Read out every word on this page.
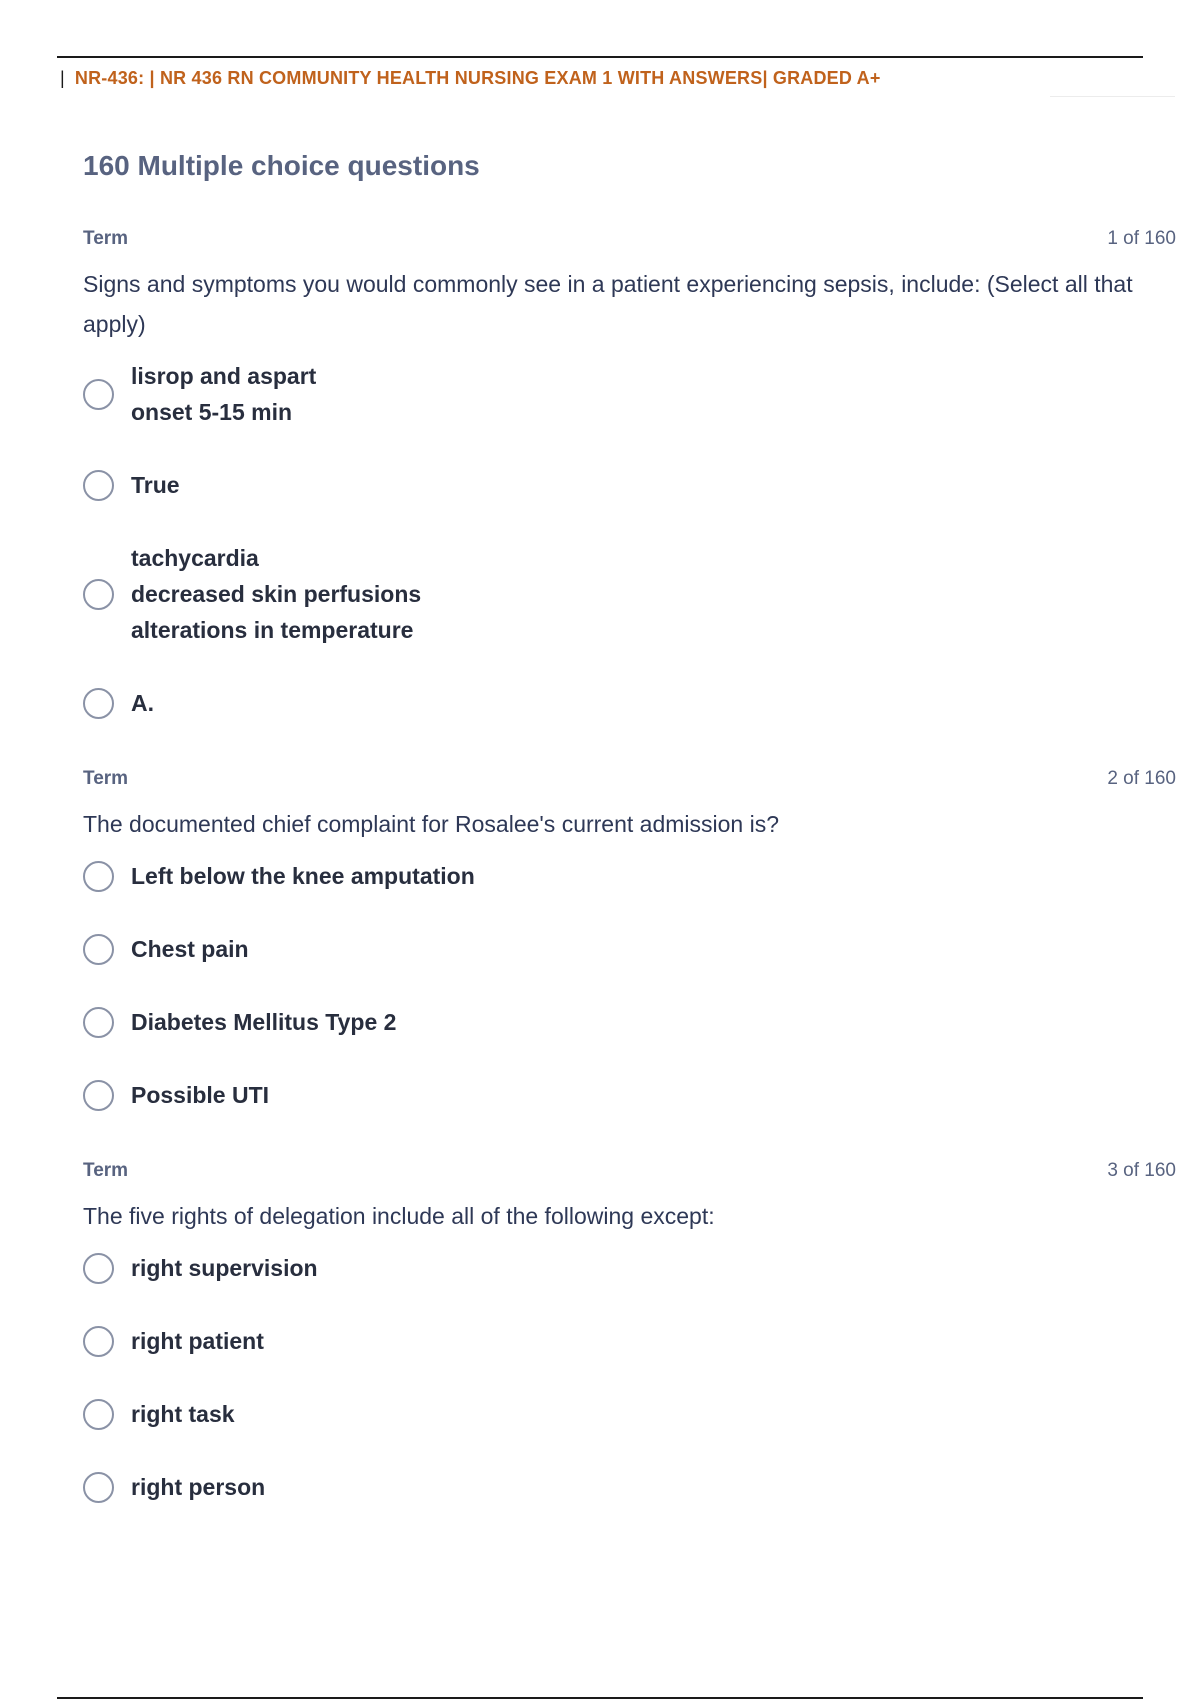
| NR-436: | NR 436 RN COMMUNITY HEALTH NURSING EXAM 1 WITH ANSWERS| GRADED A+
160 Multiple choice questions
Term	1 of 160
Signs and symptoms you would commonly see in a patient experiencing sepsis, include: (Select all that apply)
lisrop and aspart
onset 5-15 min
True
tachycardia
decreased skin perfusions
alterations in temperature
A.
Term	2 of 160
The documented chief complaint for Rosalee's current admission is?
Left below the knee amputation
Chest pain
Diabetes Mellitus Type 2
Possible UTI
Term	3 of 160
The five rights of delegation include all of the following except:
right supervision
right patient
right task
right person
